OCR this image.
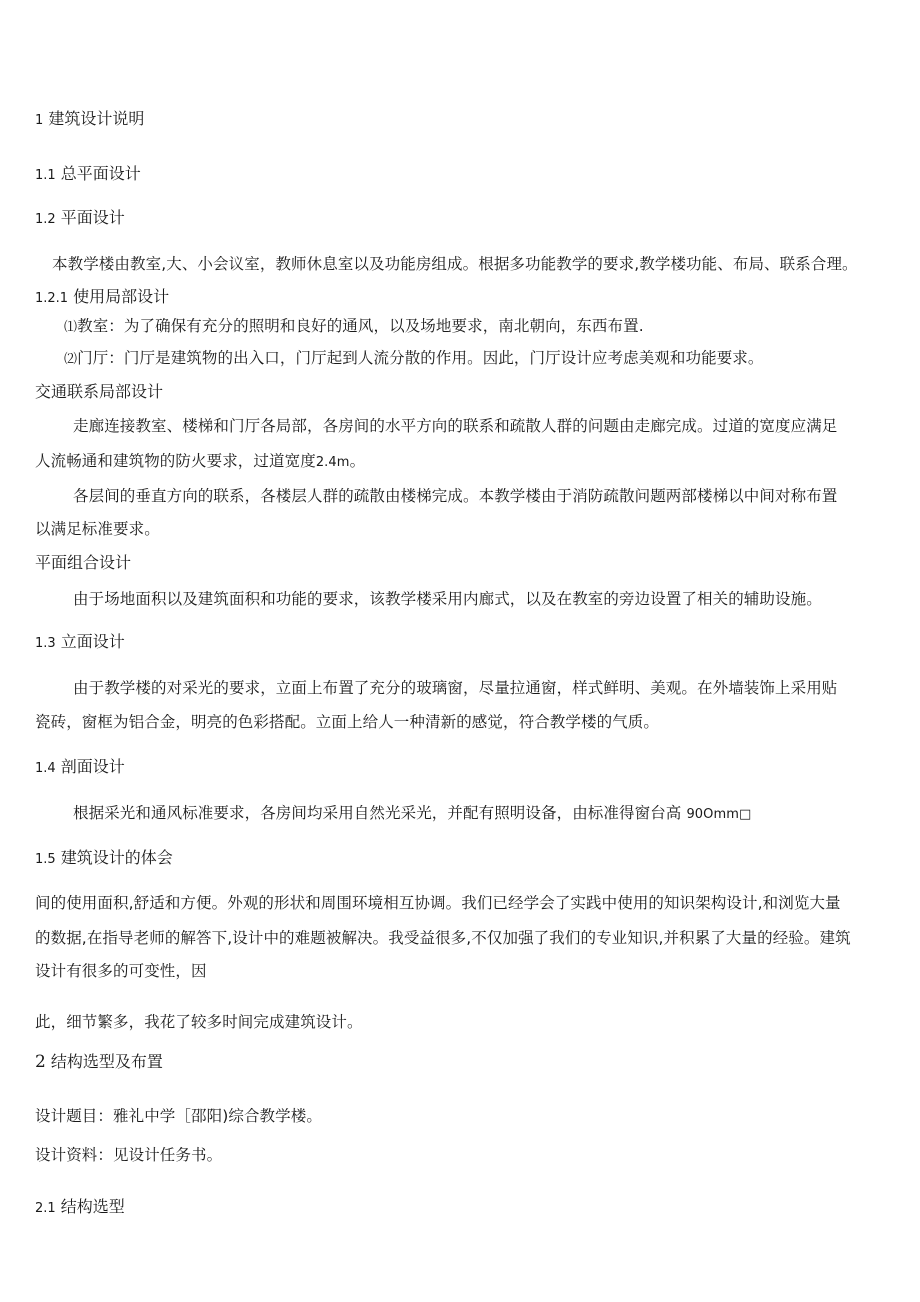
1 建筑设计说明
1.1 总平面设计
1.2 平面设计
本教学楼由教室,大、小会议室，教师休息室以及功能房组成。根据多功能教学的要求,教学楼功能、布局、联系合理。
1.2.1 使用局部设计
⑴教室：为了确保有充分的照明和良好的通风，以及场地要求，南北朝向，东西布置.
⑵门厅：门厅是建筑物的出入口，门厅起到人流分散的作用。因此，门厅设计应考虑美观和功能要求。
交通联系局部设计
走廊连接教室、楼梯和门厅各局部，各房间的水平方向的联系和疏散人群的问题由走廊完成。过道的宽度应满足
人流畅通和建筑物的防火要求，过道宽度2.4m。
各层间的垂直方向的联系，各楼层人群的疏散由楼梯完成。本教学楼由于消防疏散问题两部楼梯以中间对称布置
以满足标准要求。
平面组合设计
由于场地面积以及建筑面积和功能的要求，该教学楼采用内廊式，以及在教室的旁边设置了相关的辅助设施。
1.3 立面设计
由于教学楼的对采光的要求，立面上布置了充分的玻璃窗，尽量拉通窗，样式鲜明、美观。在外墙装饰上采用贴
瓷砖，窗框为铝合金，明亮的色彩搭配。立面上给人一种清新的感觉，符合教学楼的气质。
1.4 剖面设计
根据采光和通风标准要求，各房间均采用自然光采光，并配有照明设备，由标准得窗台高 90Omm□
1.5 建筑设计的体会
间的使用面积,舒适和方便。外观的形状和周围环境相互协调。我们已经学会了实践中使用的知识架构设计,和浏览大量
的数据,在指导老师的解答下,设计中的难题被解决。我受益很多,不仅加强了我们的专业知识,并积累了大量的经验。建筑
设计有很多的可变性，因
此，细节繁多，我花了较多时间完成建筑设计。
2 结构选型及布置
设计题目：雅礼中学［邵阳)综合教学楼。
设计资料：见设计任务书。
2.1 结构选型
